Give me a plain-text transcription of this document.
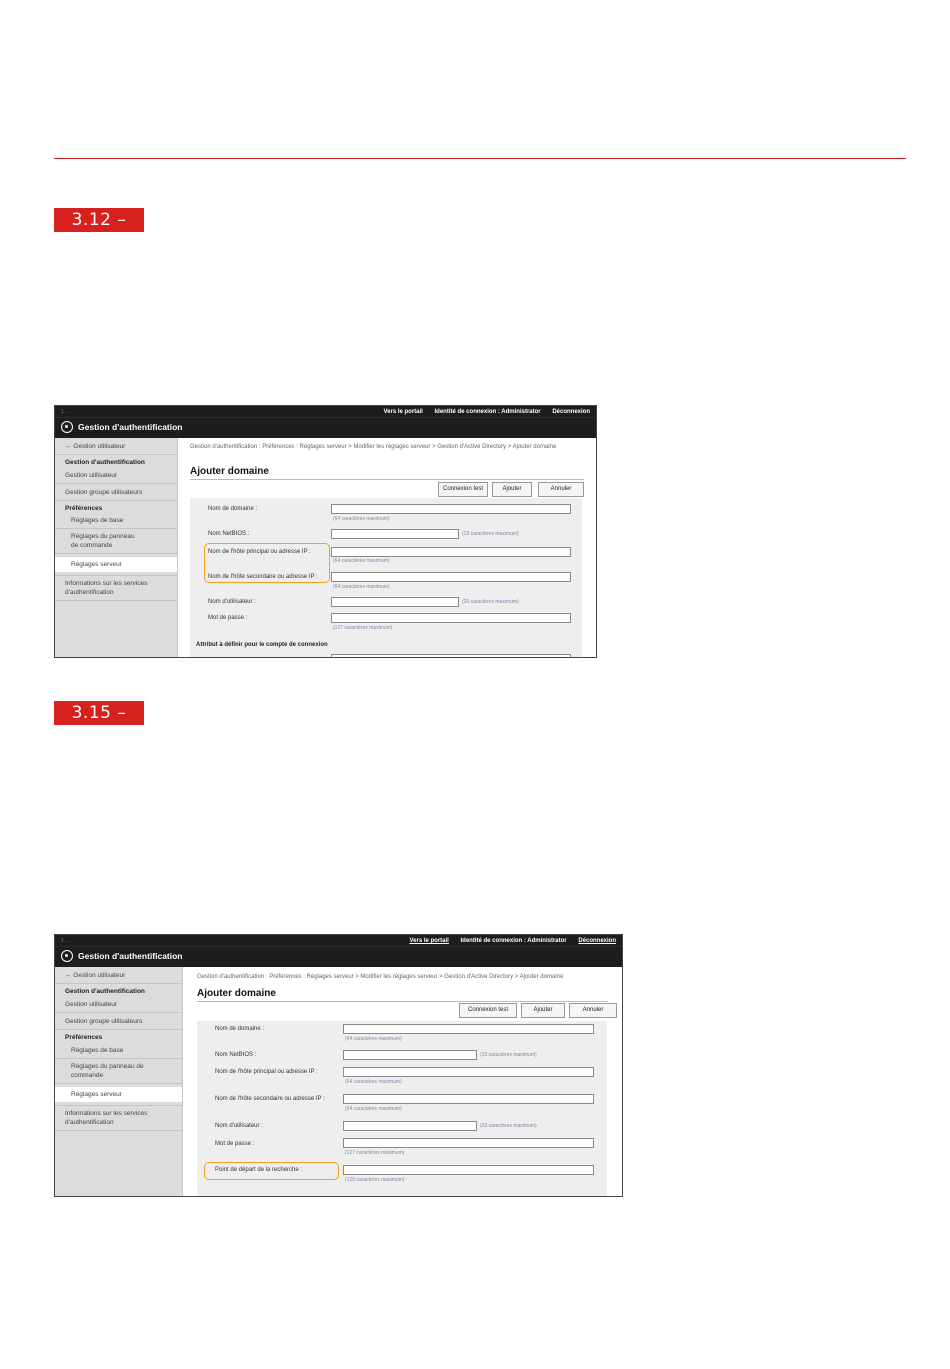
3.12 –
3.15 –
1 . . . .	Vers le portail Identité de connexion : Administrator Déconnexion
Gestion d'authentification
← Gestion utilisateur
Gestion d'authentification
Gestion utilisateur
Gestion groupe utilisateurs
Préférences
Réglages de base
Réglages du panneau de commande
Réglages serveur
Informations sur les services d'authentification
Gestion d'authentification : Préférences : Réglages serveur > Modifier les réglages serveur > Gestion d'Active Directory > Ajouter domaine
Ajouter domaine
Connexion test	Ajouter	Annuler
Nom de domaine :
(64 caractères maximum)
Nom NetBIOS :	(15 caractères maximum)
Nom de l'hôte principal ou adresse IP :
(64 caractères maximum)
Nom de l'hôte secondaire ou adresse IP :
(64 caractères maximum)
Nom d'utilisateur :	(20 caractères maximum)
Mot de passe :
(127 caractères maximum)
Attribut à définir pour le compte de connexion
1 . . . .	Vers le portail Identité de connexion : Administrator Déconnexion
Gestion d'authentification
← Gestion utilisateur
Gestion d'authentification
Gestion utilisateur
Gestion groupe utilisateurs
Préférences
Réglages de base
Réglages du panneau de commande
Réglages serveur
Informations sur les services d'authentification
Gestion d'authentification : Préférences : Réglages serveur > Modifier les réglages serveur > Gestion d'Active Directory > Ajouter domaine
Ajouter domaine
Connexion test	Ajouter	Annuler
Nom de domaine :
(64 caractères maximum)
Nom NetBIOS :	(15 caractères maximum)
Nom de l'hôte principal ou adresse IP :
(64 caractères maximum)
Nom de l'hôte secondaire ou adresse IP :
(64 caractères maximum)
Nom d'utilisateur :	(20 caractères maximum)
Mot de passe :
(127 caractères maximum)
Point de départ de la recherche :
(128 caractères maximum)
